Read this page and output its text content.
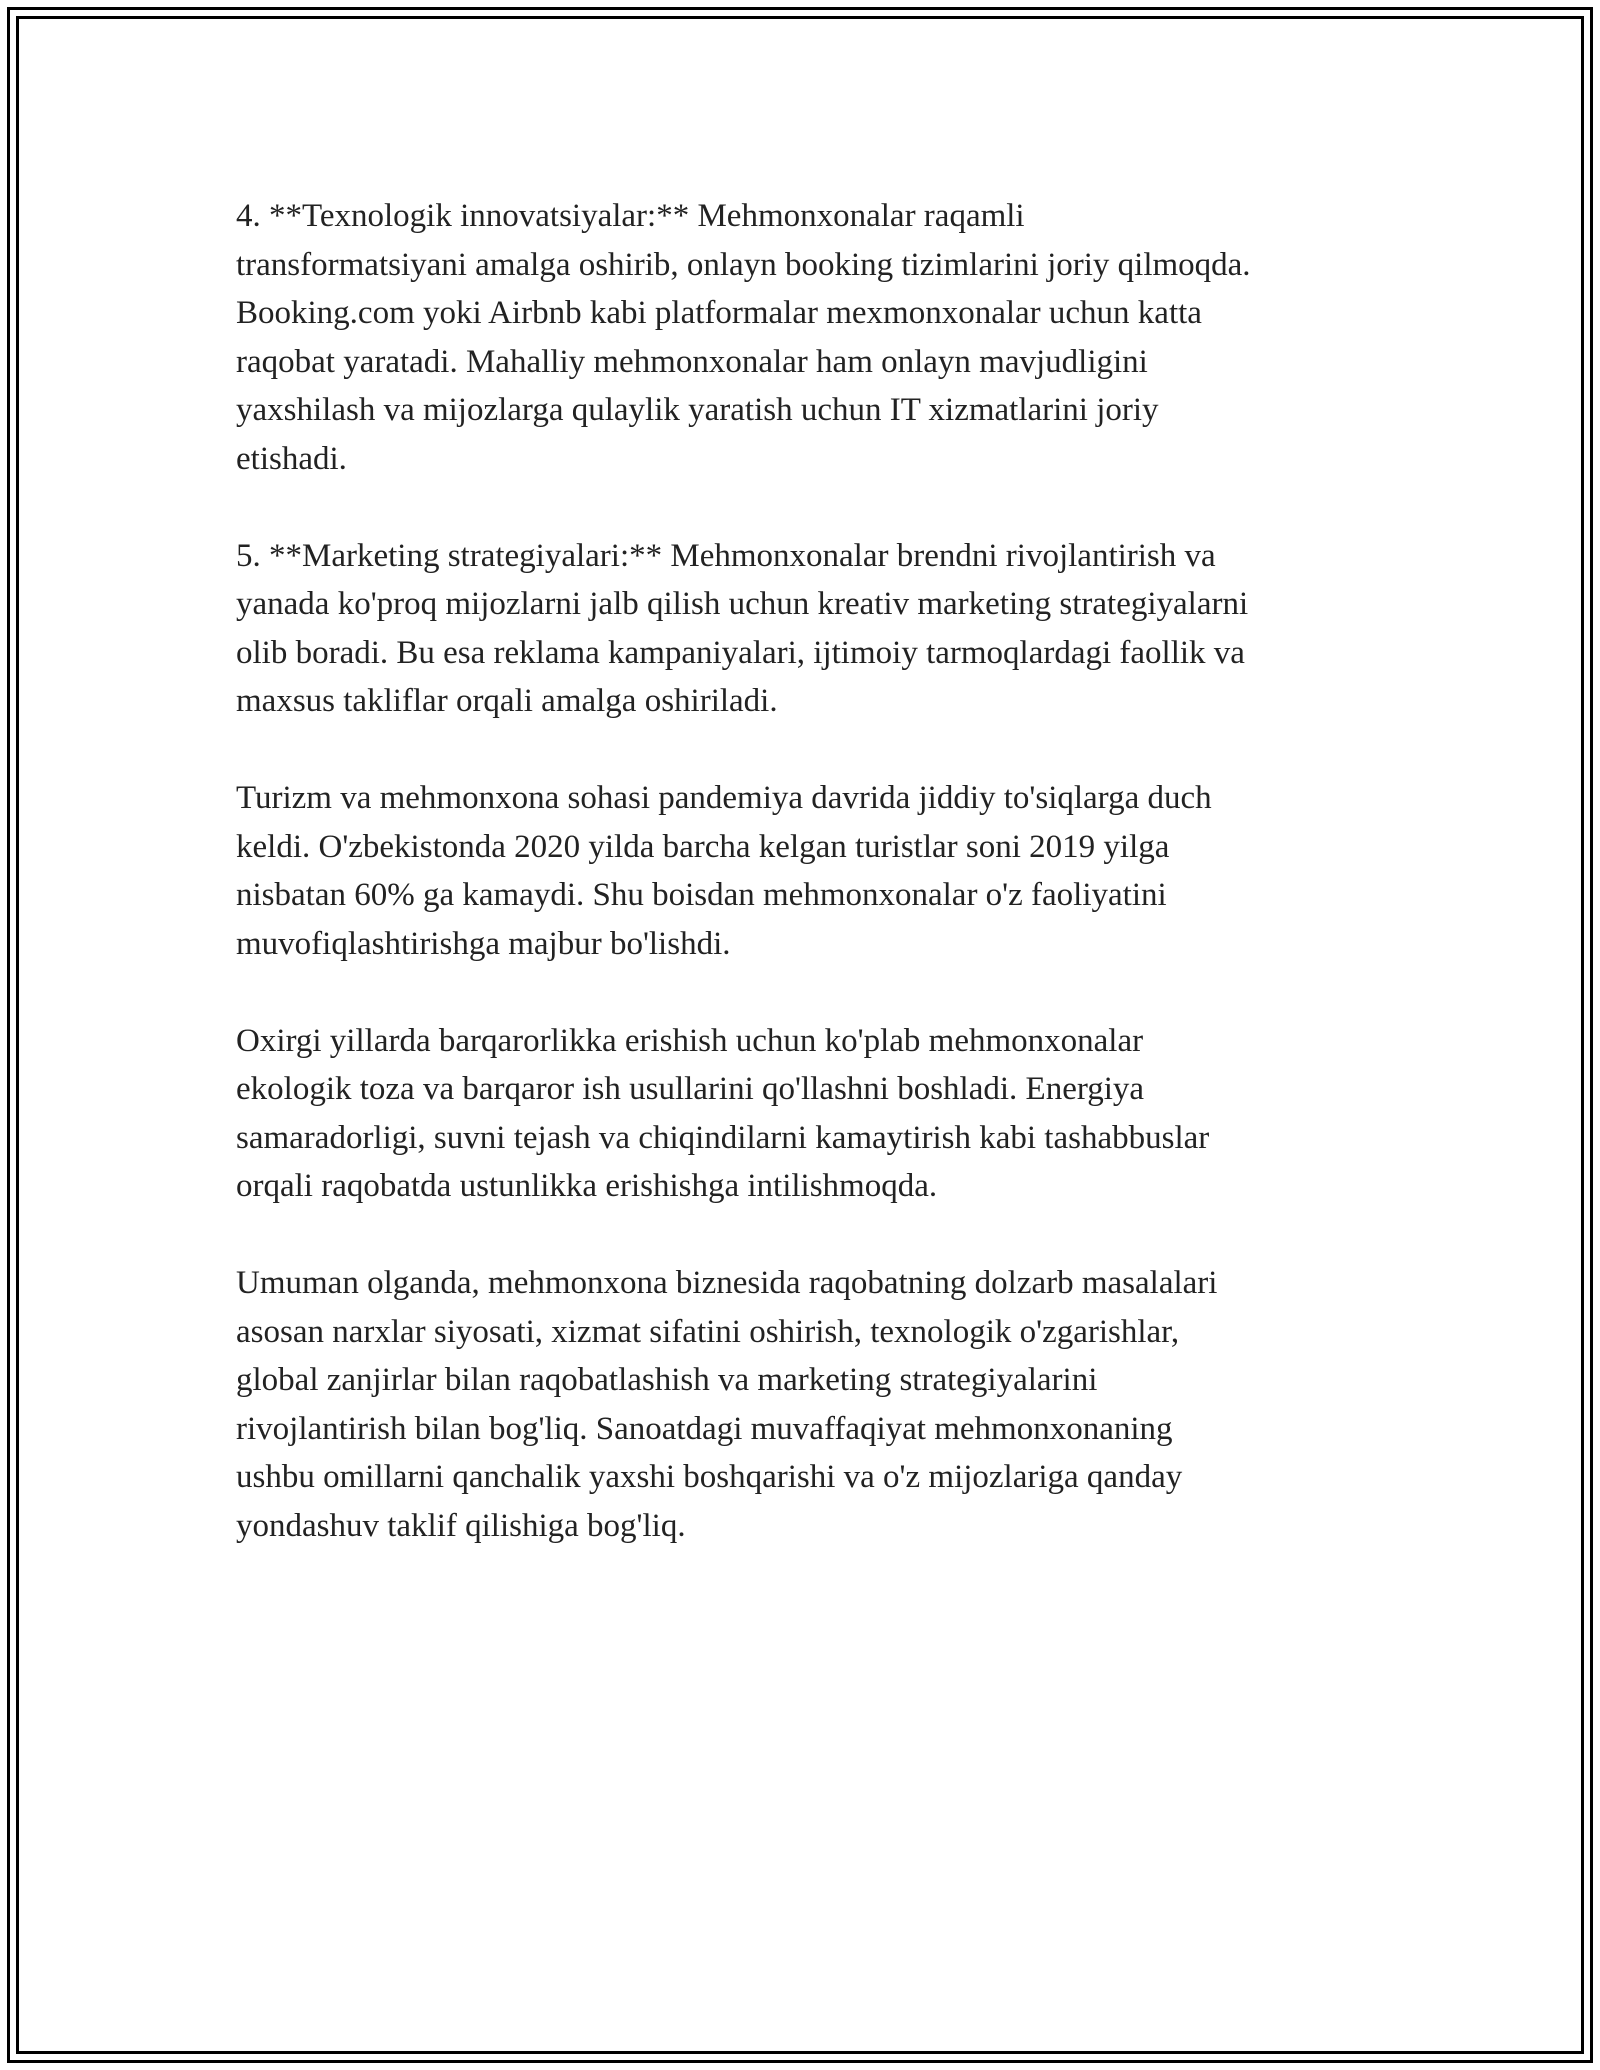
4. **Texnologik innovatsiyalar:** Mehmonxonalar raqamli
transformatsiyani amalga oshirib, onlayn booking tizimlarini joriy qilmoqda.
Booking.com yoki Airbnb kabi platformalar mexmonxonalar uchun katta
raqobat yaratadi. Mahalliy mehmonxonalar ham onlayn mavjudligini
yaxshilash va mijozlarga qulaylik yaratish uchun IT xizmatlarini joriy
etishadi.

5. **Marketing strategiyalari:** Mehmonxonalar brendni rivojlantirish va
yanada ko'proq mijozlarni jalb qilish uchun kreativ marketing strategiyalarni
olib boradi. Bu esa reklama kampaniyalari, ijtimoiy tarmoqlardagi faollik va
maxsus takliflar orqali amalga oshiriladi.

Turizm va mehmonxona sohasi pandemiya davrida jiddiy to'siqlarga duch
keldi. O'zbekistonda 2020 yilda barcha kelgan turistlar soni 2019 yilga
nisbatan 60% ga kamaydi. Shu boisdan mehmonxonalar o'z faoliyatini
muvofiqlashtirishga majbur bo'lishdi.

Oxirgi yillarda barqarorlikka erishish uchun ko'plab mehmonxonalar
ekologik toza va barqaror ish usullarini qo'llashni boshladi. Energiya
samaradorligi, suvni tejash va chiqindilarni kamaytirish kabi tashabbuslar
orqali raqobatda ustunlikka erishishga intilishmoqda.

Umuman olganda, mehmonxona biznesida raqobatning dolzarb masalalari
asosan narxlar siyosati, xizmat sifatini oshirish, texnologik o'zgarishlar,
global zanjirlar bilan raqobatlashish va marketing strategiyalarini
rivojlantirish bilan bog'liq. Sanoatdagi muvaffaqiyat mehmonxonaning
ushbu omillarni qanchalik yaxshi boshqarishi va o'z mijozlariga qanday
yondashuv taklif qilishiga bog'liq.
